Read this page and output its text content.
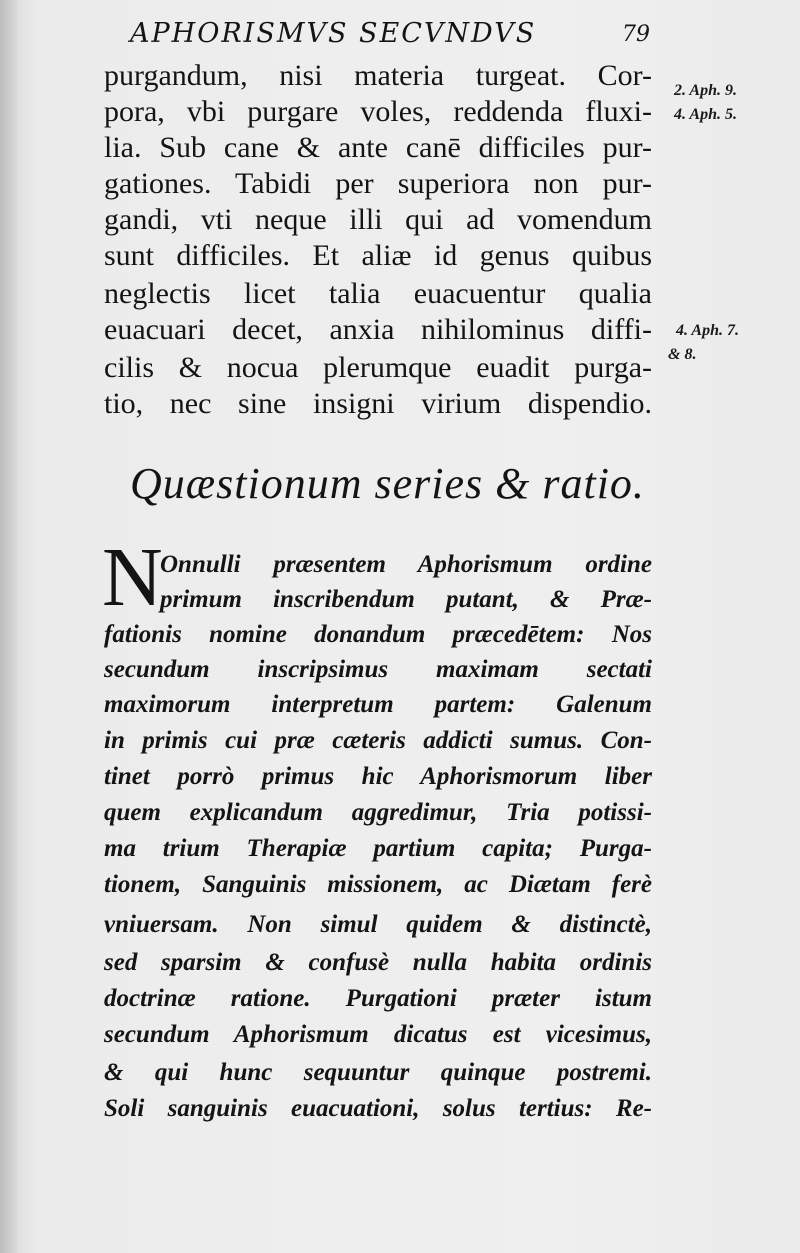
APHORISMVS SECVNDVS	79
purgandum, nisi materia turgeat. Cor-
pora, vbi purgare voles, reddenda fluxi-
lia. Sub cane & ante canē difficiles pur-
gationes. Tabidi per superiora non pur-
gandi, vti neque illi qui ad vomendum
sunt difficiles. Et aliæ id genus quibus
neglectis licet talia euacuentur qualia
euacuari decet, anxia nihilominus diffi-
cilis & nocua plerumque euadit purga-
tio, nec sine insigni virium dispendio.
2. Aph. 9.
4. Aph. 5.
4. Aph. 7.
& 8.
Quæstionum series & ratio.
N
Onnulli præsentem Aphorismum ordine
primum inscribendum putant, & Præ-
fationis nomine donandum præcedētem: Nos
secundum inscripsimus maximam sectati
maximorum interpretum partem: Galenum
in primis cui præ cæteris addicti sumus. Con-
tinet porrò primus hic Aphorismorum liber
quem explicandum aggredimur, Tria potissi-
ma trium Therapiæ partium capita; Purga-
tionem, Sanguinis missionem, ac Diætam ferè
vniuersam. Non simul quidem & distinctè,
sed sparsim & confusè nulla habita ordinis
doctrinæ ratione. Purgationi præter istum
secundum Aphorismum dicatus est vicesimus,
& qui hunc sequuntur quinque postremi.
Soli sanguinis euacuationi, solus tertius: Re-
